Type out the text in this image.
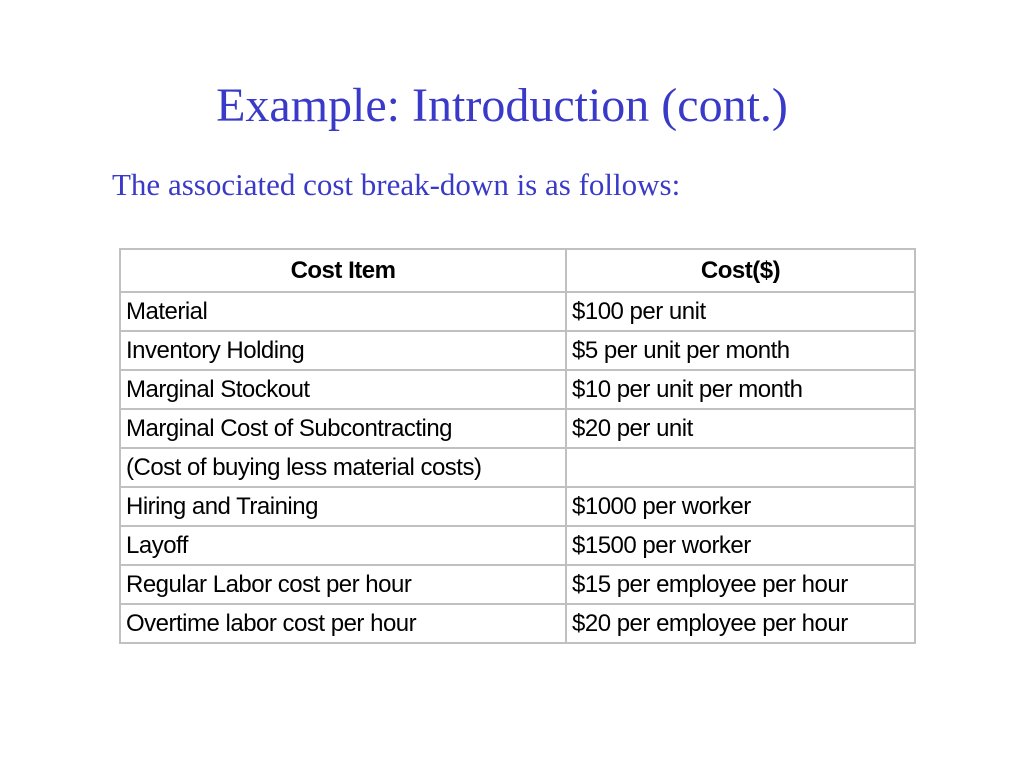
Example: Introduction (cont.)
The associated cost break-down is as follows:
Cost Item	Cost($)
Material	$100 per unit
Inventory Holding	$5 per unit per month
Marginal Stockout	$10 per unit per month
Marginal Cost of Subcontracting	$20 per unit
(Cost of buying less material costs)	
Hiring and Training	$1000 per worker
Layoff	$1500 per worker
Regular Labor cost per hour	$15 per employee per hour
Overtime labor cost per hour	$20 per employee per hour
